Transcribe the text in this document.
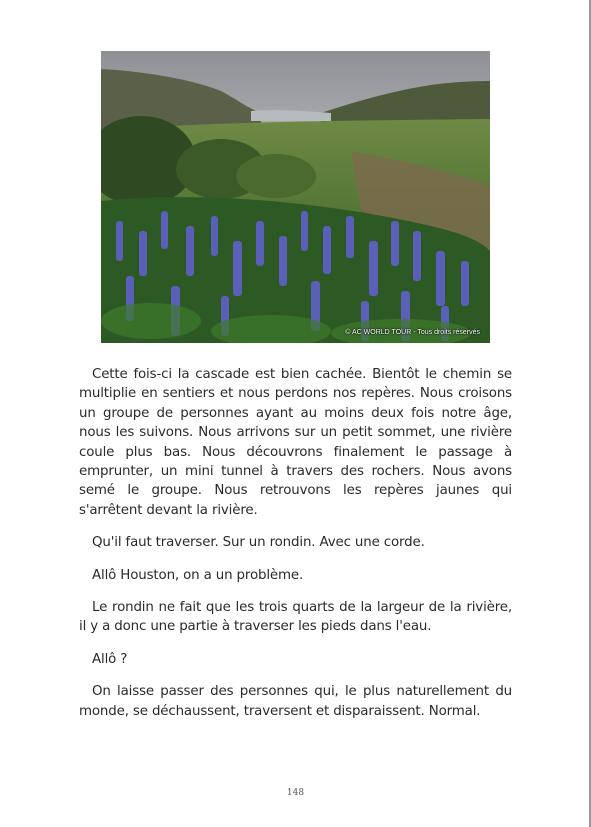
© AC WORLD TOUR - Tous droits réservés

Cette fois-ci la cascade est bien cachée. Bientôt le chemin se multiplie en sentiers et nous perdons nos repères. Nous croisons un groupe de personnes ayant au moins deux fois notre âge, nous les suivons. Nous arrivons sur un petit sommet, une rivière coule plus bas. Nous découvrons finalement le passage à emprunter, un mini tunnel à travers des rochers. Nous avons semé le groupe. Nous retrouvons les repères jaunes qui s'arrêtent devant la rivière.

Qu'il faut traverser. Sur un rondin. Avec une corde.

Allô Houston, on a un problème.

Le rondin ne fait que les trois quarts de la largeur de la rivière, il y a donc une partie à traverser les pieds dans l'eau.

Allô ?

On laisse passer des personnes qui, le plus naturellement du monde, se déchaussent, traversent et disparaissent. Normal.

148
